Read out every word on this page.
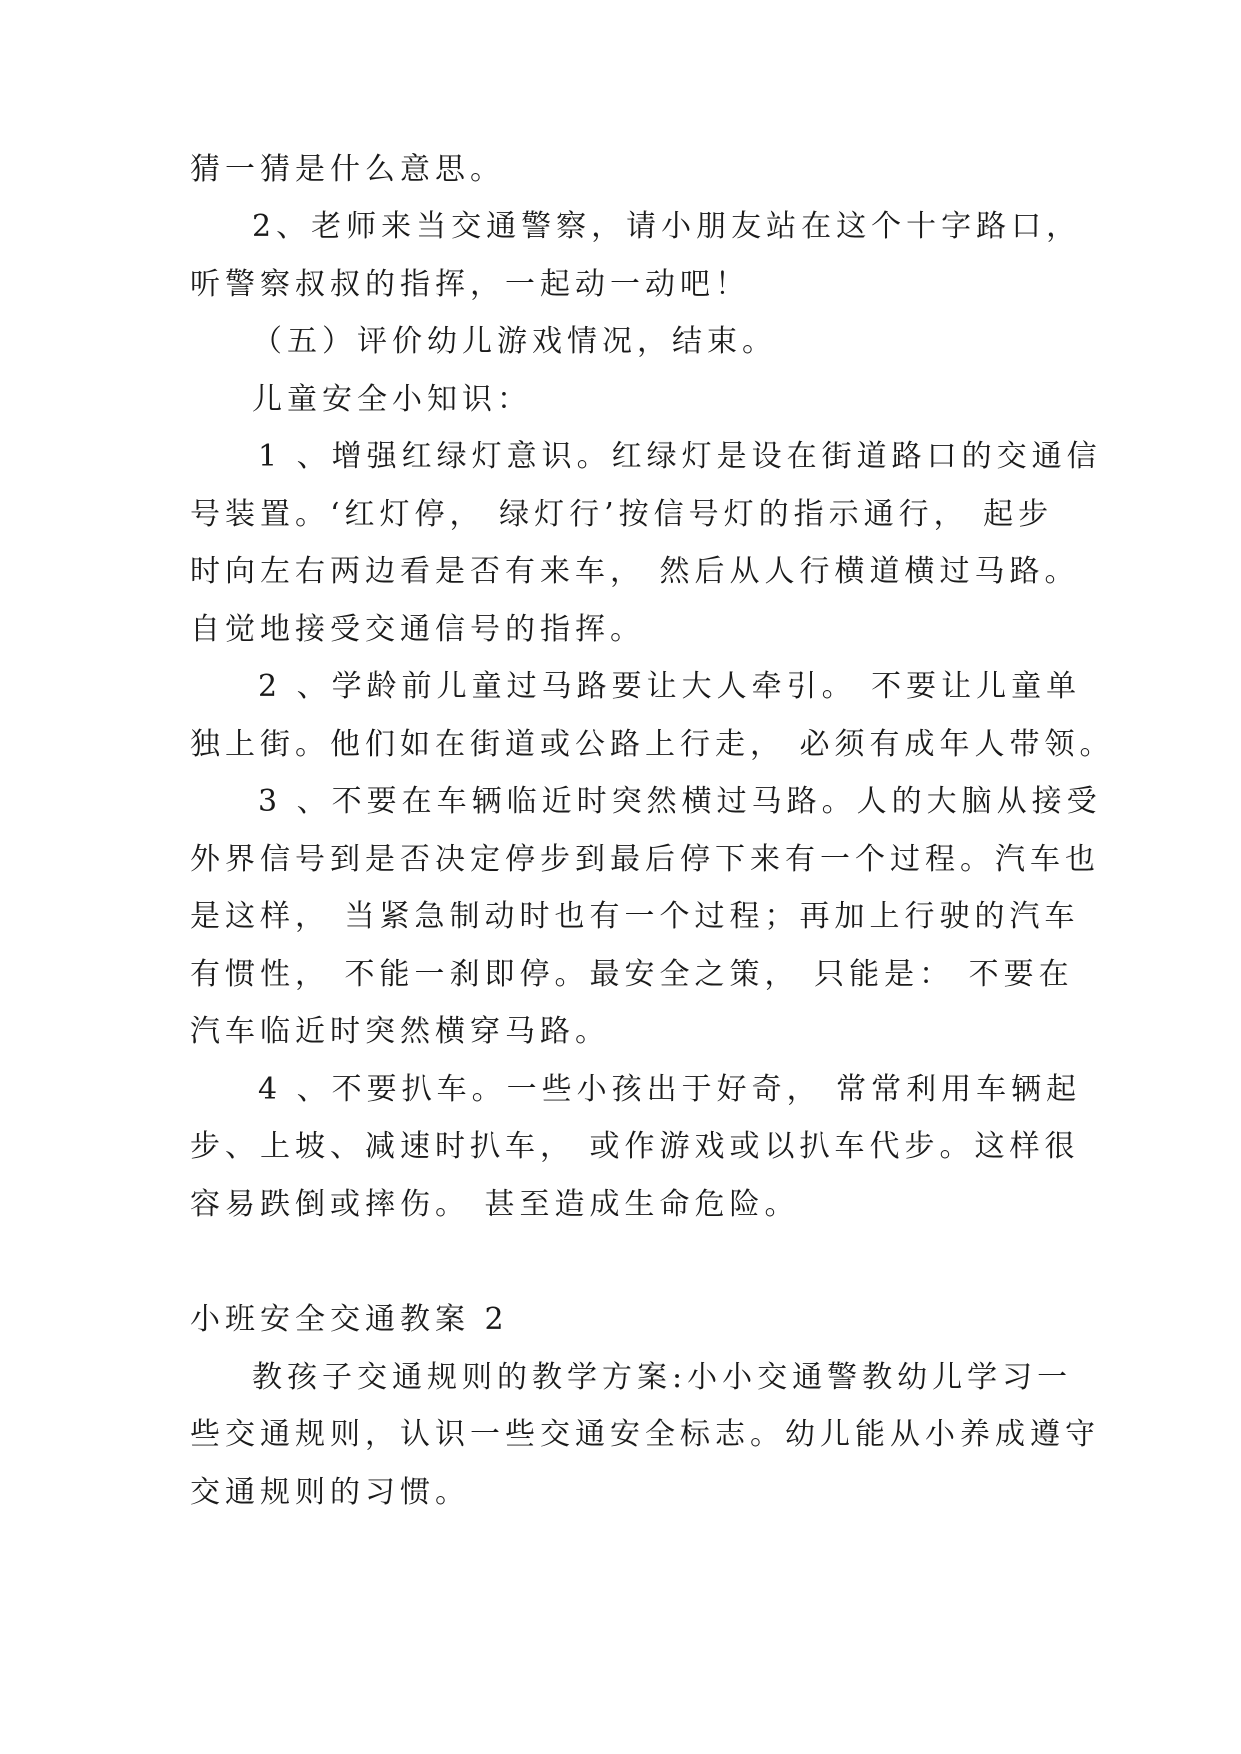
猜一猜是什么意思。
2、老师来当交通警察，请小朋友站在这个十字路口，
听警察叔叔的指挥，一起动一动吧！
（五）评价幼儿游戏情况，结束。
儿童安全小知识：
1 、增强红绿灯意识。红绿灯是设在街道路口的交通信
号装置。‘红灯停， 绿灯行’按信号灯的指示通行， 起步
时向左右两边看是否有来车， 然后从人行横道横过马路。
自觉地接受交通信号的指挥。
2 、学龄前儿童过马路要让大人牵引。 不要让儿童单
独上街。他们如在街道或公路上行走， 必须有成年人带领。
3 、不要在车辆临近时突然横过马路。人的大脑从接受
外界信号到是否决定停步到最后停下来有一个过程。汽车也
是这样， 当紧急制动时也有一个过程；再加上行驶的汽车
有惯性， 不能一刹即停。最安全之策， 只能是： 不要在
汽车临近时突然横穿马路。
4 、不要扒车。一些小孩出于好奇， 常常利用车辆起
步、上坡、减速时扒车， 或作游戏或以扒车代步。这样很
容易跌倒或摔伤。 甚至造成生命危险。
小班安全交通教案 2
教孩子交通规则的教学方案:小小交通警教幼儿学习一
些交通规则，认识一些交通安全标志。幼儿能从小养成遵守
交通规则的习惯。
